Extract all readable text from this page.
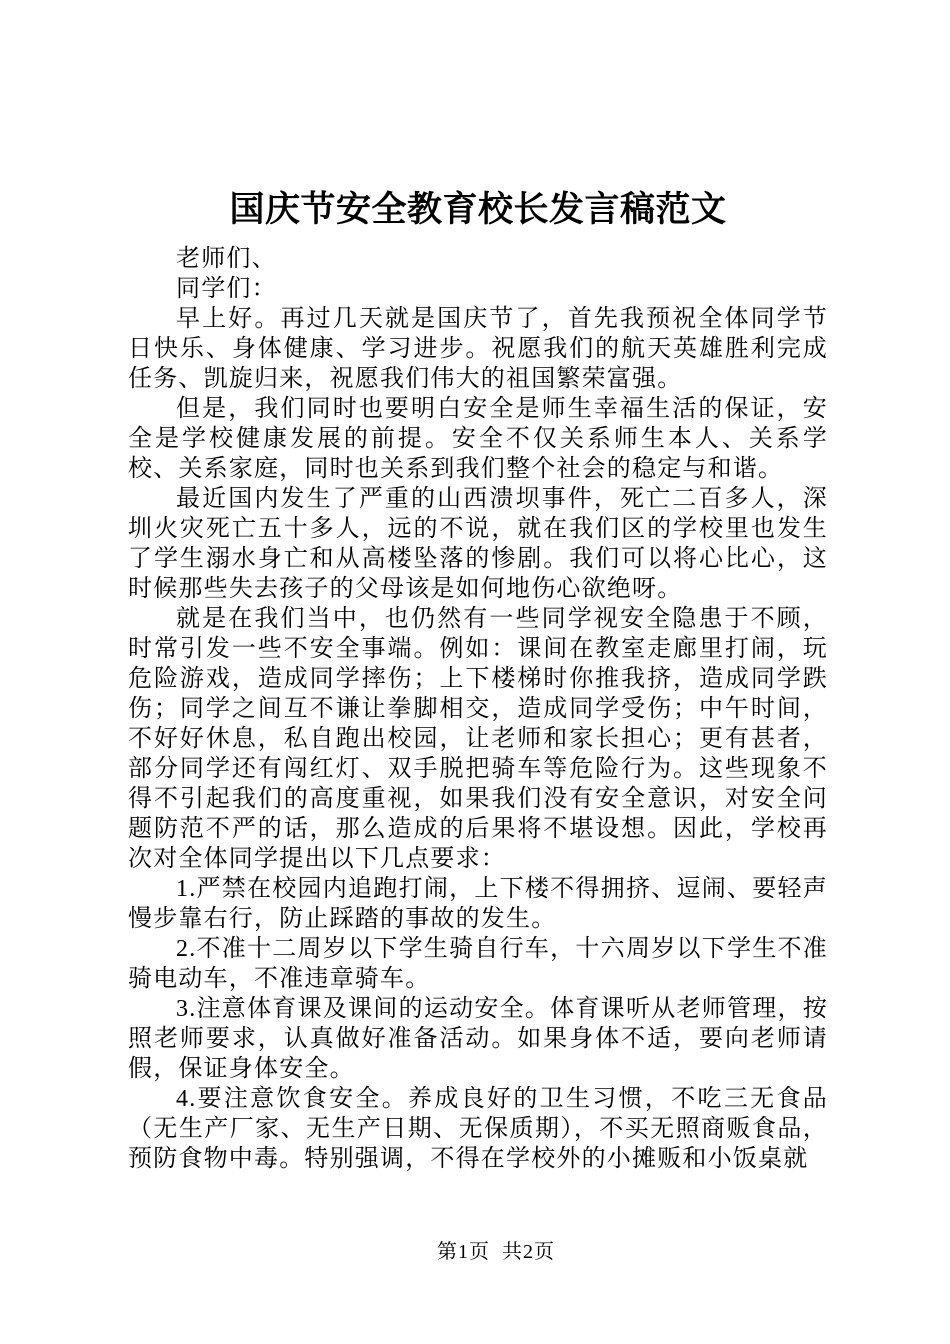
国庆节安全教育校长发言稿范文

老师们、

同学们：

早上好。再过几天就是国庆节了，首先我预祝全体同学节日快乐、身体健康、学习进步。祝愿我们的航天英雄胜利完成任务、凯旋归来，祝愿我们伟大的祖国繁荣富强。

但是，我们同时也要明白安全是师生幸福生活的保证，安全是学校健康发展的前提。安全不仅关系师生本人、关系学校、关系家庭，同时也关系到我们整个社会的稳定与和谐。

最近国内发生了严重的山西溃坝事件，死亡二百多人，深圳火灾死亡五十多人，远的不说，就在我们区的学校里也发生了学生溺水身亡和从高楼坠落的惨剧。我们可以将心比心，这时候那些失去孩子的父母该是如何地伤心欲绝呀。

就是在我们当中，也仍然有一些同学视安全隐患于不顾，时常引发一些不安全事端。例如：课间在教室走廊里打闹，玩危险游戏，造成同学摔伤；上下楼梯时你推我挤，造成同学跌伤；同学之间互不谦让拳脚相交，造成同学受伤；中午时间，不好好休息，私自跑出校园，让老师和家长担心；更有甚者，部分同学还有闯红灯、双手脱把骑车等危险行为。这些现象不得不引起我们的高度重视，如果我们没有安全意识，对安全问题防范不严的话，那么造成的后果将不堪设想。因此，学校再次对全体同学提出以下几点要求：

1.严禁在校园内追跑打闹，上下楼不得拥挤、逗闹、要轻声慢步靠右行，防止踩踏的事故的发生。

2.不准十二周岁以下学生骑自行车，十六周岁以下学生不准骑电动车，不准违章骑车。

3.注意体育课及课间的运动安全。体育课听从老师管理，按照老师要求，认真做好准备活动。如果身体不适，要向老师请假，保证身体安全。

4.要注意饮食安全。养成良好的卫生习惯，不吃三无食品（无生产厂家、无生产日期、无保质期），不买无照商贩食品，预防食物中毒。特别强调，不得在学校外的小摊贩和小饭桌就

第1页 共2页
